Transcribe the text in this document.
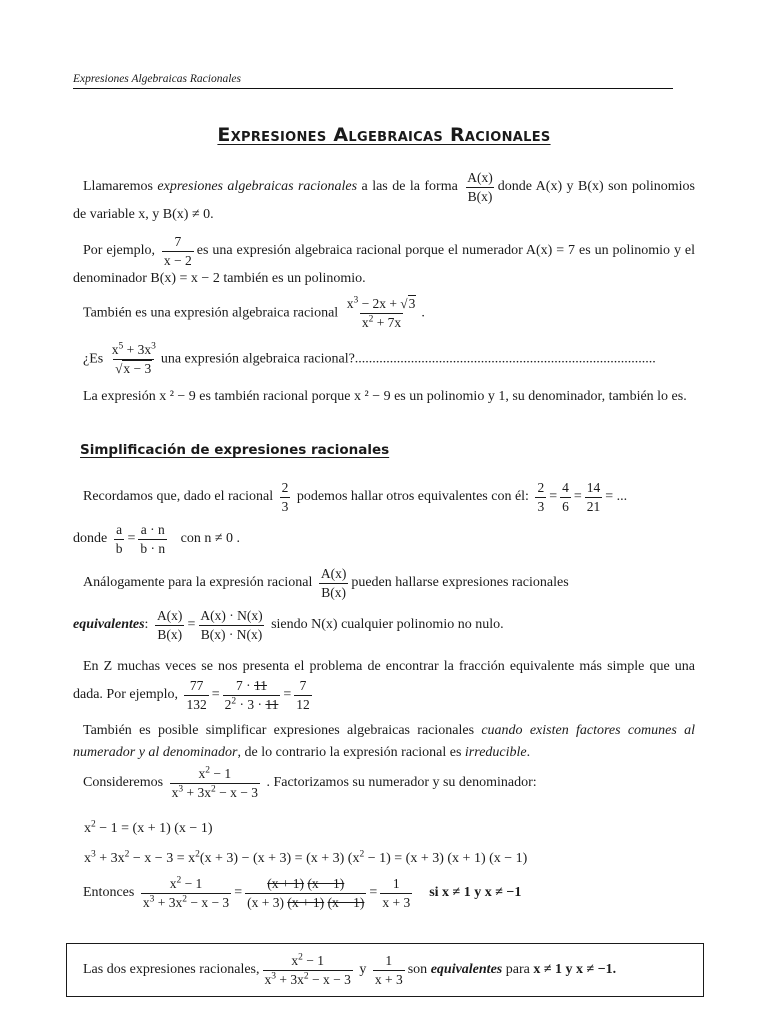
Expresiones Algebraicas Racionales
Expresiones Algebraicas Racionales
Llamaremos expresiones algebraicas racionales a las de la forma $\frac{A(x)}{B(x)}$ donde A(x) y B(x) son polinomios de variable x, y B(x) ≠ 0.
Por ejemplo, $\frac{7}{x - 2}$ es una expresión algebraica racional porque el numerador A(x) = 7 es un polinomio y el denominador B(x) = x − 2 también es un polinomio.
También es una expresión algebraica racional $\frac{x^3 - 2x + √3}{x^2 + 7x}$ .
¿$Es \frac{x^5 + 3x^3}{√x - 3}$ una expresión algebraica racional?......................................................................................
La expresión x ² − 9 es también racional porque x ² − 9 es un polinomio y 1, su denominador, también lo es.
Simplificación de expresiones racionales
Recordamos que, dado el racional $\frac{2}{3}$ podemos hallar otros equivalentes con él: $\frac{2}{3} = \frac{4}{6} = \frac{14}{21}$ = ...
donde $\frac{a}{b} = \frac{a \cdot n}{b \cdot n}$ con n ≠ 0 .
Análogamente para la expresión racional $\frac{A(x)}{B(x)}$ pueden hallarse expresiones racionales
equivalentes: $\frac{A(x)}{B(x)} = \frac{A(x) \cdot N(x)}{B(x) \cdot N(x)}$ siendo N(x) cualquier polinomio no nulo.
En Z muchas veces se nos presenta el problema de encontrar la fracción equivalente más simple que una dada. Por ejemplo, $\frac{77}{132} = \frac{7 \cdot 11}{2^2 \cdot 3 \cdot 11} = \frac{7}{12}$
También es posible simplificar expresiones algebraicas racionales cuando existen factores comunes al numerador y al denominador, de lo contrario la expresión racional es irreducible.
Consideremos $\frac{x^2 - 1}{x^3 + 3x^2 - x - 3}$ . Factorizamos su numerador y su denominador:
$x^2 - 1 = (x + 1) (x - 1)$
$x^3 + 3x^2 - x - 3 = x^2(x + 3) - (x + 3) = (x + 3) (x^2 - 1) = (x + 3) (x + 1) (x - 1)$
Entonces $\frac{x^2 - 1}{x^3 + 3x^2 - x - 3} = \frac{(x + 1) (x - 1)}{(x + 3) (x + 1) (x - 1)} = \frac{1}{x + 3}$ si x ≠ 1 y x ≠ −1
Las dos expresiones racionales, $\frac{x^2 - 1}{x^3 + 3x^2 - x - 3}$
y
$\frac{1}{x + 3}$ son
equivalentes
para
x ≠ 1 y x ≠ −1.
